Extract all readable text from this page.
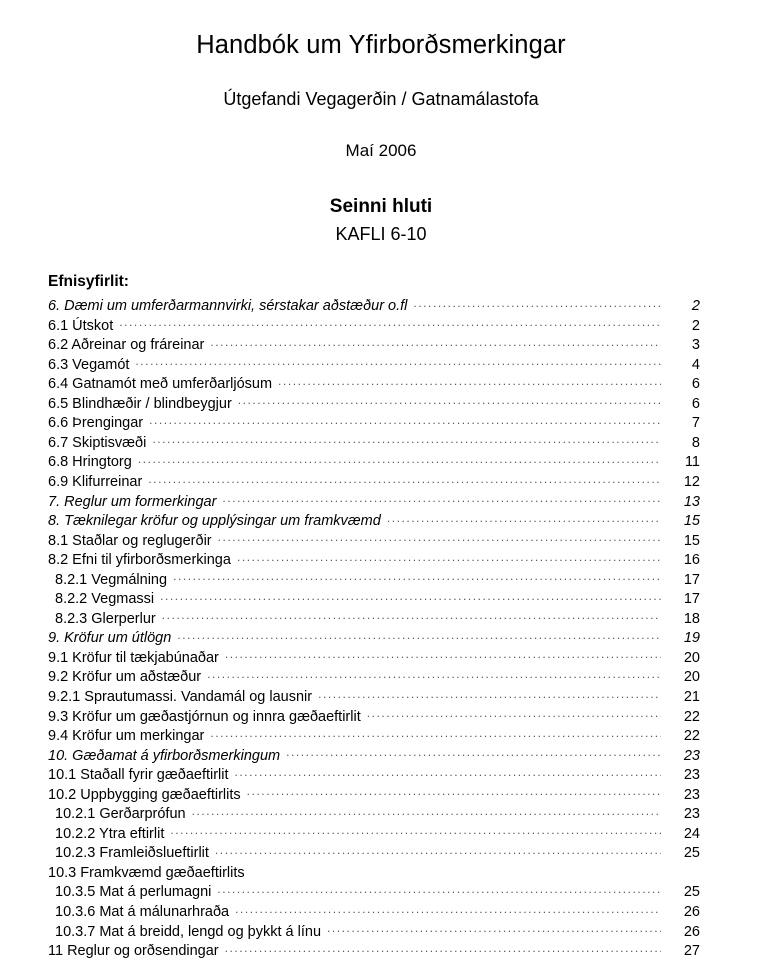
Handbók um Yfirborðsmerkingar

Útgefandi Vegagerðin / Gatnamálastofa

Maí 2006

Seinni hluti

KAFLI 6-10

Efnisyfirlit:
6. Dæmi um umferðarmannvirki, sérstakar aðstæður o.fl .....	2
6.1 Útskot .....	2
6.2 Aðreinar og fráreinar .....	3
6.3 Vegamót .....	4
6.4 Gatnamót með umferðarljósum .....	6
6.5 Blindhæðir / blindbeygjur .....	6
6.6 Þrengingar .....	7
6.7 Skiptisvæði .....	8
6.8 Hringtorg .....	11
6.9 Klifurreinar .....	12
7. Reglur um formerkingar .....	13
8. Tæknilegar kröfur og upplýsingar um framkvæmd .....	15
8.1 Staðlar og reglugerðir .....	15
8.2 Efni til yfirborðsmerkinga .....	16
8.2.1 Vegmálning .....	17
8.2.2 Vegmassi .....	17
8.2.3 Glerperlur .....	18
9. Kröfur um útlögn .....	19
9.1 Kröfur til tækjabúnaðar .....	20
9.2 Kröfur um aðstæður .....	20
9.2.1 Sprautumassi. Vandamál og lausnir .....	21
9.3 Kröfur um gæðastjórnun og innra gæðaeftirlit .....	22
9.4 Kröfur um merkingar .....	22
10. Gæðamat á yfirborðsmerkingum .....	23
10.1 Staðall fyrir gæðaeftirlit .....	23
10.2 Uppbygging gæðaeftirlits .....	23
10.2.1 Gerðarprófun .....	23
10.2.2 Ytra eftirlit .....	24
10.2.3 Framleiðslueftirlit .....	25
10.3 Framkvæmd gæðaeftirlits
10.3.5 Mat á perlumagni .....	25
10.3.6 Mat á málunarhraða .....	26
10.3.7 Mat á breidd, lengd og þykkt á línu .....	26
11 Reglur og orðsendingar .....	27
